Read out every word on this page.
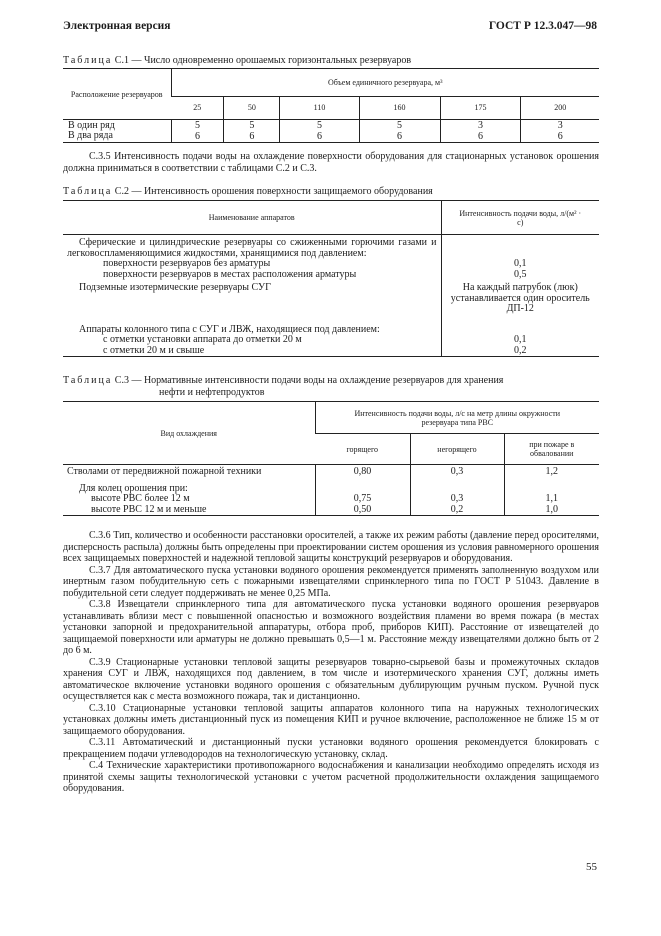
Электронная версия	ГОСТ Р 12.3.047—98
Таблица С.1 — Число одновременно орошаемых горизонтальных резервуаров
Расположение резервуаров	Объем единичного резервуара, м³					
	25	50	110	160	175	200
В один ряд	5	5	5	5	3	3
В два ряда	6	6	6	6	6	6

С.3.5 Интенсивность подачи воды на охлаждение поверхности оборудования для стационарных установок орошения должна приниматься в соответствии с таблицами С.2 и С.3.

Таблица С.2 — Интенсивность орошения поверхности защищаемого оборудования
Наименование аппаратов	Интенсивность подачи воды, л/(м² · с)
Сферические и цилиндрические резервуары со сжиженными горючими газами и легковоспламеняющимися жидкостями, хранящимися под давлением:	
поверхности резервуаров без арматуры	0,1
поверхности резервуаров в местах расположения арматуры	0,5
Подземные изотермические резервуары СУГ	На каждый патрубок (люк) устанавливается один ороситель ДП-12
Аппараты колонного типа с СУГ и ЛВЖ, находящиеся под давлением:	
с отметки установки аппарата до отметки 20 м	0,1
с отметки 20 м и свыше	0,2
Таблица С.3 — Нормативные интенсивности подачи воды на охлаждение резервуаров для хранения
нефти и нефтепродуктов
Вид охлаждения	Интенсивность подачи воды, л/с на метр длины окружности резервуара типа РВС		
	горящего	негорящего	при пожаре в обваловании
Стволами от передвижной пожарной техники	0,80	0,3	1,2
Для колец орошения при:			
высоте РВС более 12 м	0,75	0,3	1,1
высоте РВС 12 м и меньше	0,50	0,2	1,0

С.3.6 Тип, количество и особенности расстановки оросителей, а также их режим работы (давление перед оросителями, дисперсность распыла) должны быть определены при проектировании систем орошения из условия равномерного орошения всех защищаемых поверхностей и надежной тепловой защиты конструкций резервуаров и оборудования.

С.3.7 Для автоматического пуска установки водяного орошения рекомендуется применять заполненную воздухом или инертным газом побудительную сеть с пожарными извещателями спринклерного типа по ГОСТ Р 51043. Давление в побудительной сети следует поддерживать не менее 0,25 МПа.

С.3.8 Извещатели спринклерного типа для автоматического пуска установки водяного орошения резервуаров устанавливать вблизи мест с повышенной опасностью и возможного воздействия пламени во время пожара (в местах установки запорной и предохранительной аппаратуры, отбора проб, приборов КИП). Расстояние от извещателей до защищаемой поверхности или арматуры не должно превышать 0,5—1 м. Расстояние между извещателями должно быть от 2 до 6 м.

С.3.9 Стационарные установки тепловой защиты резервуаров товарно-сырьевой базы и промежуточных складов хранения СУГ и ЛВЖ, находящихся под давлением, в том числе и изотермического хранения СУГ, должны иметь автоматическое включение установки водяного орошения с обязательным дублирующим ручным пуском. Ручной пуск осуществляется как с места возможного пожара, так и дистанционно.

С.3.10 Стационарные установки тепловой защиты аппаратов колонного типа на наружных технологических установках должны иметь дистанционный пуск из помещения КИП и ручное включение, расположенное не ближе 15 м от защищаемого оборудования.

С.3.11 Автоматический и дистанционный пуски установки водяного орошения рекомендуется блокировать с прекращением подачи углеводородов на технологическую установку, склад.

С.4 Технические характеристики противопожарного водоснабжения и канализации необходимо определять исходя из принятой схемы защиты технологической установки с учетом расчетной продолжительности охлаждения защищаемого оборудования.

55
